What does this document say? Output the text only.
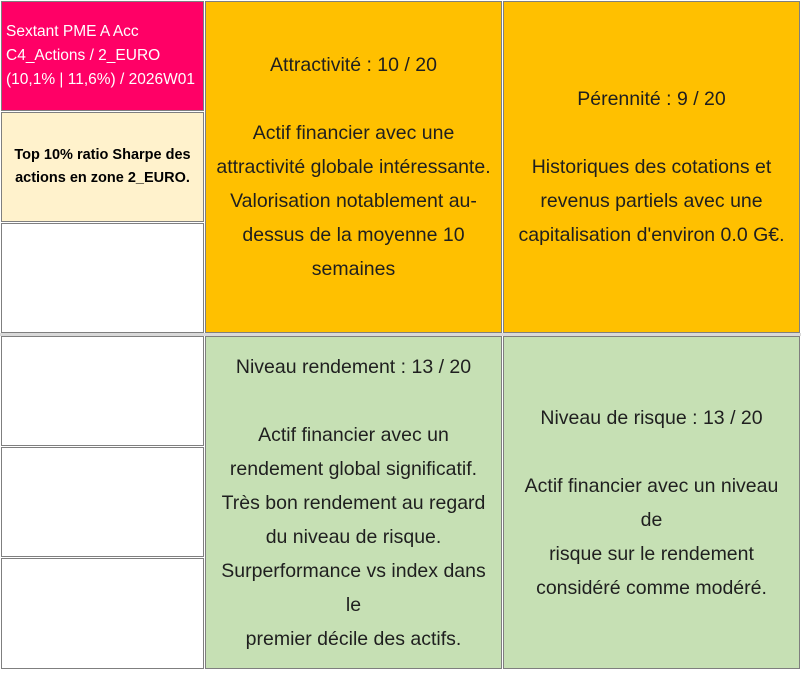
Sextant PME A Acc
C4_Actions / 2_EURO
(10,1% | 11,6%) / 2026W01
Top 10% ratio Sharpe des
actions en zone 2_EURO.
Attractivité : 10 / 20
Actif financier avec une
attractivité globale intéressante.
Valorisation notablement au-
dessus de la moyenne 10
semaines
Pérennité : 9 / 20
Historiques des cotations et
revenus partiels avec une
capitalisation d'environ 0.0 G€.
Niveau rendement : 13 / 20
Actif financier avec un
rendement global significatif.
Très bon rendement au regard
du niveau de risque.
Surperformance vs index dans le
premier décile des actifs.
Niveau de risque : 13 / 20
Actif financier avec un niveau de
risque sur le rendement
considéré comme modéré.
